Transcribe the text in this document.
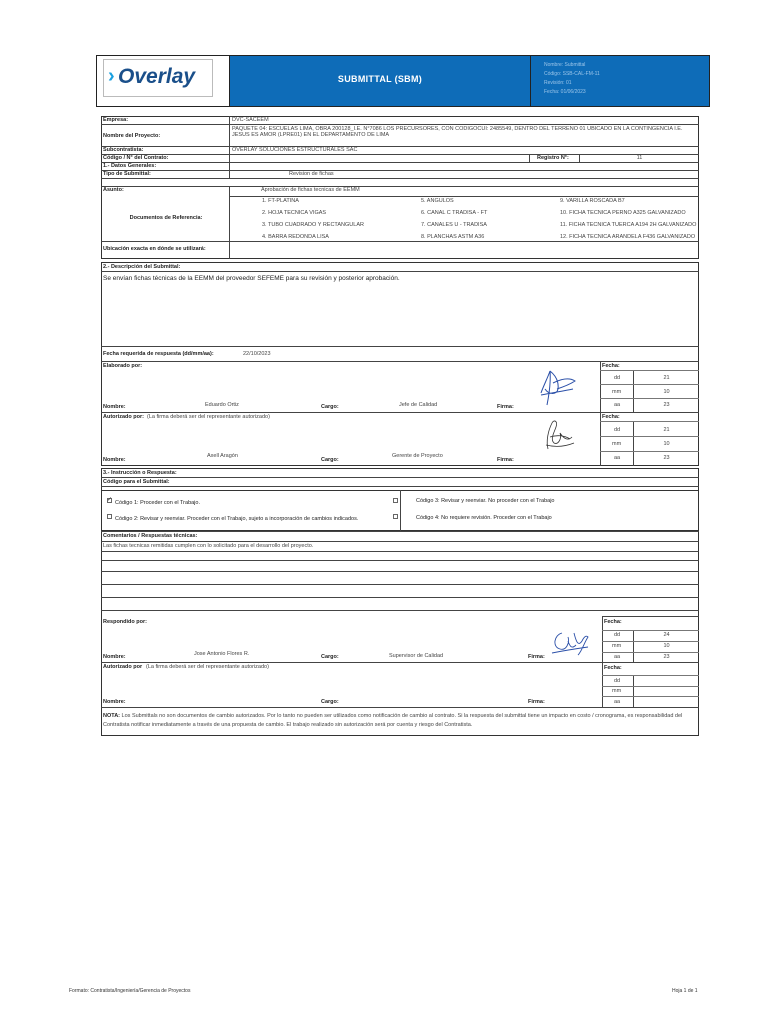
› Overlay	SUBMITTAL (SBM)
Nombre: Submittal
Código: SSB-CAL-FM-11
Revisión: 01
Fecha: 01/06/2023
Empresa:	DVC-SACEEM
Nombre del Proyecto:
PAQUETE 04: ESCUELAS LIMA, OBRA 200128_I.E. N°7086 LOS PRECURSORES, CON CODIGOCUI: 2485549, DENTRO DEL TERRENO 01 UBICADO EN LA CONTINGENCIA I.E. JESUS ES AMOR (LPRE01) EN EL DEPARTAMENTO DE LIMA
Subcontratista:	OVERLAY SOLUCIONES ESTRUCTURALES SAC
Código / N° del Contrato:	Registro N°:	11
1.- Datos Generales:
Tipo de Submittal:	Revision de fichas
Asunto:	Aprobación de fichas tecnicas de EEMM
Documentos de Referencia:
1. FT-PLATINA	5. ANGULOS	9. VARILLA ROSCADA B7
2. HOJA TECNICA VIGAS	6. CANAL C TRADISA - FT	10. FICHA TECNICA PERNO A325 GALVANIZADO
3. TUBO CUADRADO Y RECTANGULAR	7. CANALES U - TRADISA	11. FICHA TECNICA TUERCA A194 2H GALVANIZADO
4. BARRA REDONDA LISA	8. PLANCHAS ASTM A36	12. FICHA TECNICA ARANDELA F436 GALVANIZADO
Ubicación exacta en dónde se utilizará:
2.- Descripción del Submittal:
Se envían fichas técnicas de la EEMM del proveedor SEFEME para su revisión y posterior aprobación.
Fecha requerida de respuesta (dd/mm/aa):	22/10/2023
Elaborado por:	Fecha:
dd	21
mm	10
aa	23
Nombre:	Eduardo Ortiz	Cargo:	Jefe de Calidad	Firma:
Autorizado por: (La firma deberá ser del representante autorizado)	Fecha:
dd	21
mm	10
aa	23
Nombre:
Axell Aragón
Cargo:
Gerente de Proyecto
Firma:
3.- Instrucción o Respuesta:
Código para el Submittal:
✓
Código 1: Proceder con el Trabajo.
Código 2: Revisar y reenviar. Proceder con el Trabajo, sujeto a incorporación de cambios indicados.
Código 3: Revisar y reenviar. No proceder con el Trabajo
Código 4: No requiere revisión. Proceder con el Trabajo
Comentarios / Respuestas técnicas:
Las fichas tecnicas remitidas cumplen con lo solicitado para el desarrollo del proyecto.
Respondido por:	Fecha:
dd	24
mm	10
aa	23
Nombre:	Jose Antonio Flores R.	Cargo:	Supervisor de Calidad	Firma:
Autorizado por (La firma deberá ser del representante autorizado)	Fecha:
dd
mm
aa
Nombre:	Cargo:	Firma:
NOTA: Los Submittals no son documentos de cambio autorizados. Por lo tanto no pueden ser utilizados como notificación de cambio al contrato. Si la respuesta del submittal tiene un impacto en costo / cronograma, es responsabilidad del Contratista notificar inmediatamente a través de una propuesta de cambio. El trabajo realizado sin autorización será por cuenta y riesgo del Contratista.
Formato: Contratista/Ingeniería/Gerencia de Proyectos	Hoja 1 de 1
